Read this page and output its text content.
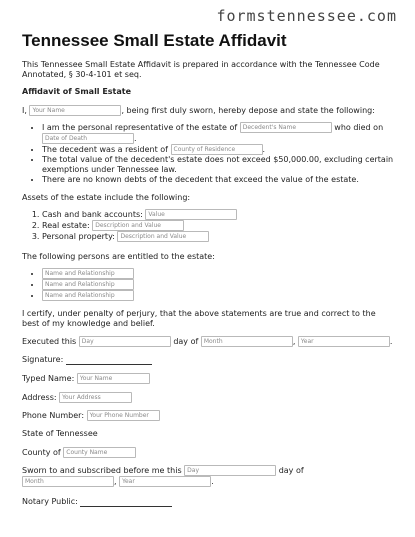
formstennessee.com
Tennessee Small Estate Affidavit
This Tennessee Small Estate Affidavit is prepared in accordance with the Tennessee Code Annotated, § 30-4-101 et seq.
Affidavit of Small Estate
I, Your Name	, being first duly sworn, hereby depose and state the following:
• I am the personal representative of the estate of Decedent's Name	who died on
Date of Death	.
• The decedent was a resident of County of Residence	.
• The total value of the decedent's estate does not exceed $50,000.00, excluding certain exemptions under Tennessee law.
• There are no known debts of the decedent that exceed the value of the estate.
Assets of the estate include the following:
1. Cash and bank accounts: Value
2. Real estate: Description and Value
3. Personal property: Description and Value
The following persons are entitled to the estate:
• Name and Relationship
• Name and Relationship
• Name and Relationship
I certify, under penalty of perjury, that the above statements are true and correct to the best of my knowledge and belief.
Executed this Day	day of Month	, Year	.
Signature:
Typed Name: Your Name
Address: Your Address
Phone Number: Your Phone Number
State of Tennessee
County of County Name
Sworn to and subscribed before me this Day	day of
Month	, Year	.
Notary Public:
